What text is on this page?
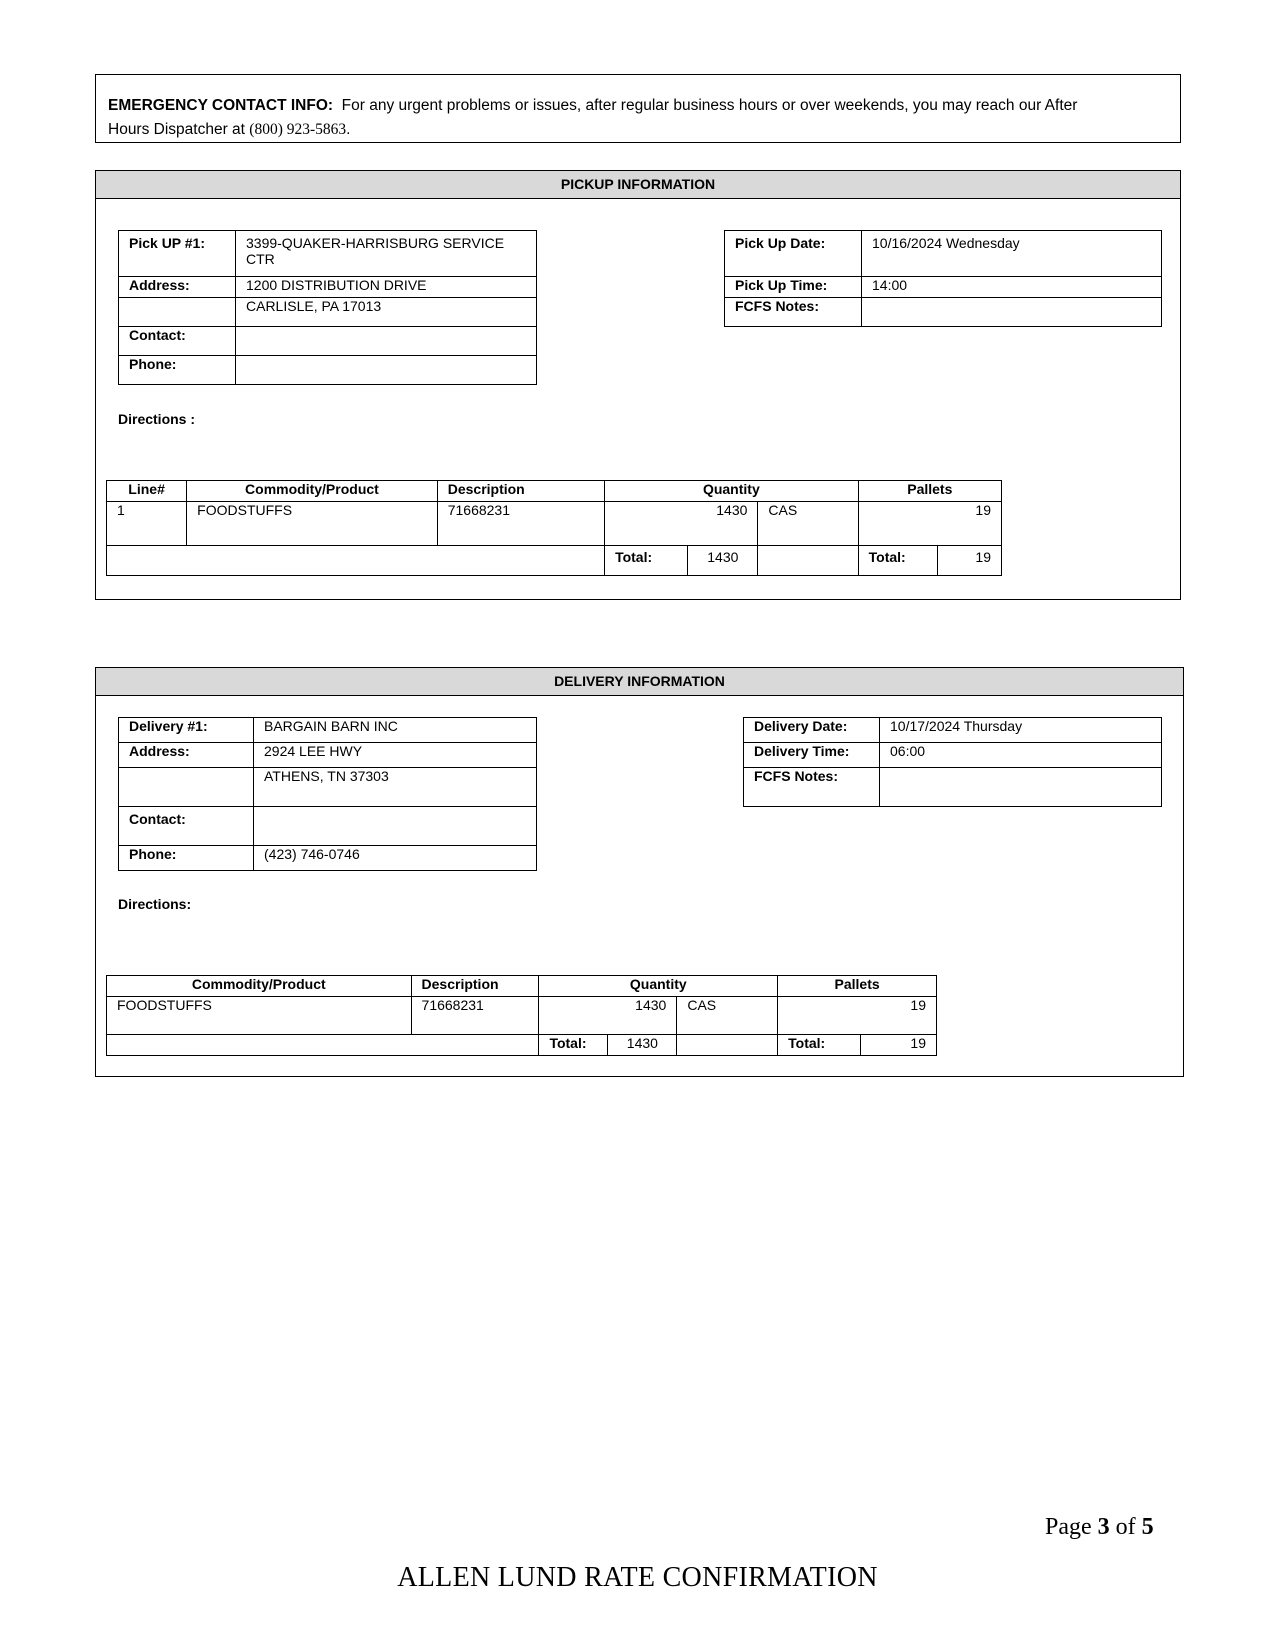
EMERGENCY CONTACT INFO: For any urgent problems or issues, after regular business hours or over weekends, you may reach our After
Hours Dispatcher at (800) 923-5863.
PICKUP INFORMATION
Pick UP #1:	3399-QUAKER-HARRISBURG SERVICE CTR
Address:	1200 DISTRIBUTION DRIVE
	CARLISLE, PA 17013
Contact:	
Phone:	
Pick Up Date:	10/16/2024 Wednesday
Pick Up Time:	14:00
FCFS Notes:	
Directions :
Line#	Commodity/Product	Description	Quantity			Pallets	
1	FOODSTUFFS	71668231	1430		CAS	19	
			Total:	1430		Total:	19
DELIVERY INFORMATION
Delivery #1:	BARGAIN BARN INC
Address:	2924 LEE HWY
	ATHENS, TN 37303
Contact:	
Phone:	(423) 746-0746
Delivery Date:	10/17/2024 Thursday
Delivery Time:	06:00
FCFS Notes:	
Directions:
Commodity/Product	Description	Quantity			Pallets	
FOODSTUFFS	71668231	1430		CAS	19	
		Total:	1430		Total:	19
Page 3 of 5
ALLEN LUND RATE CONFIRMATION
